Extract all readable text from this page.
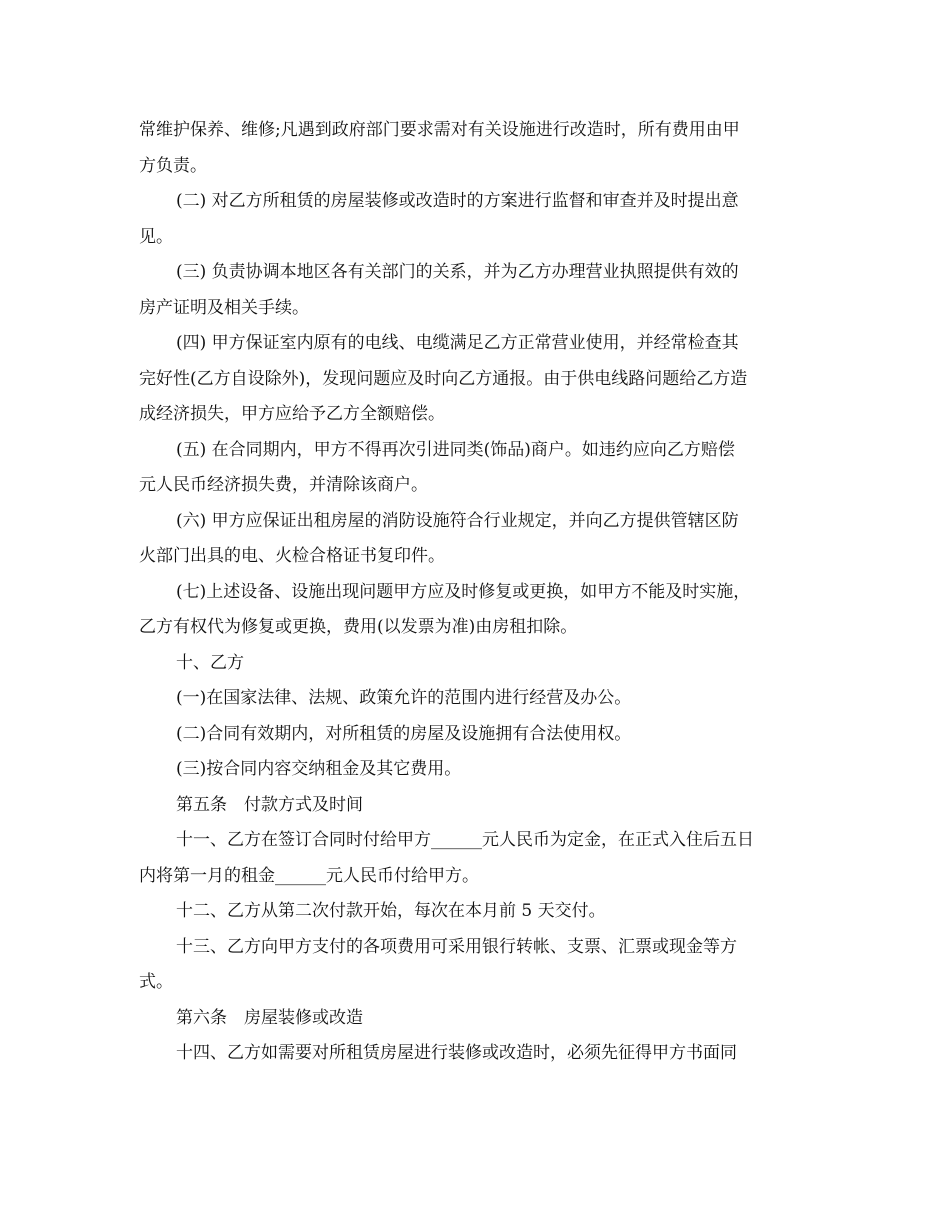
常维护保养、维修;凡遇到政府部门要求需对有关设施进行改造时，所有费用由甲
方负责。
(二) 对乙方所租赁的房屋装修或改造时的方案进行监督和审查并及时提出意
见。
(三) 负责协调本地区各有关部门的关系，并为乙方办理营业执照提供有效的
房产证明及相关手续。
(四) 甲方保证室内原有的电线、电缆满足乙方正常营业使用，并经常检查其
完好性(乙方自设除外)，发现问题应及时向乙方通报。由于供电线路问题给乙方造
成经济损失，甲方应给予乙方全额赔偿。
(五) 在合同期内，甲方不得再次引进同类(饰品)商户。如违约应向乙方赔偿
元人民币经济损失费，并清除该商户。
(六) 甲方应保证出租房屋的消防设施符合行业规定，并向乙方提供管辖区防
火部门出具的电、火检合格证书复印件。
(七)上述设备、设施出现问题甲方应及时修复或更换，如甲方不能及时实施，
乙方有权代为修复或更换，费用(以发票为准)由房租扣除。
十、乙方
(一)在国家法律、法规、政策允许的范围内进行经营及办公。
(二)合同有效期内，对所租赁的房屋及设施拥有合法使用权。
(三)按合同内容交纳租金及其它费用。
第五条　付款方式及时间
十一、乙方在签订合同时付给甲方______元人民币为定金，在正式入住后五日
内将第一月的租金______元人民币付给甲方。
十二、乙方从第二次付款开始，每次在本月前 5 天交付。
十三、乙方向甲方支付的各项费用可采用银行转帐、支票、汇票或现金等方
式。
第六条　房屋装修或改造
十四、乙方如需要对所租赁房屋进行装修或改造时，必须先征得甲方书面同
